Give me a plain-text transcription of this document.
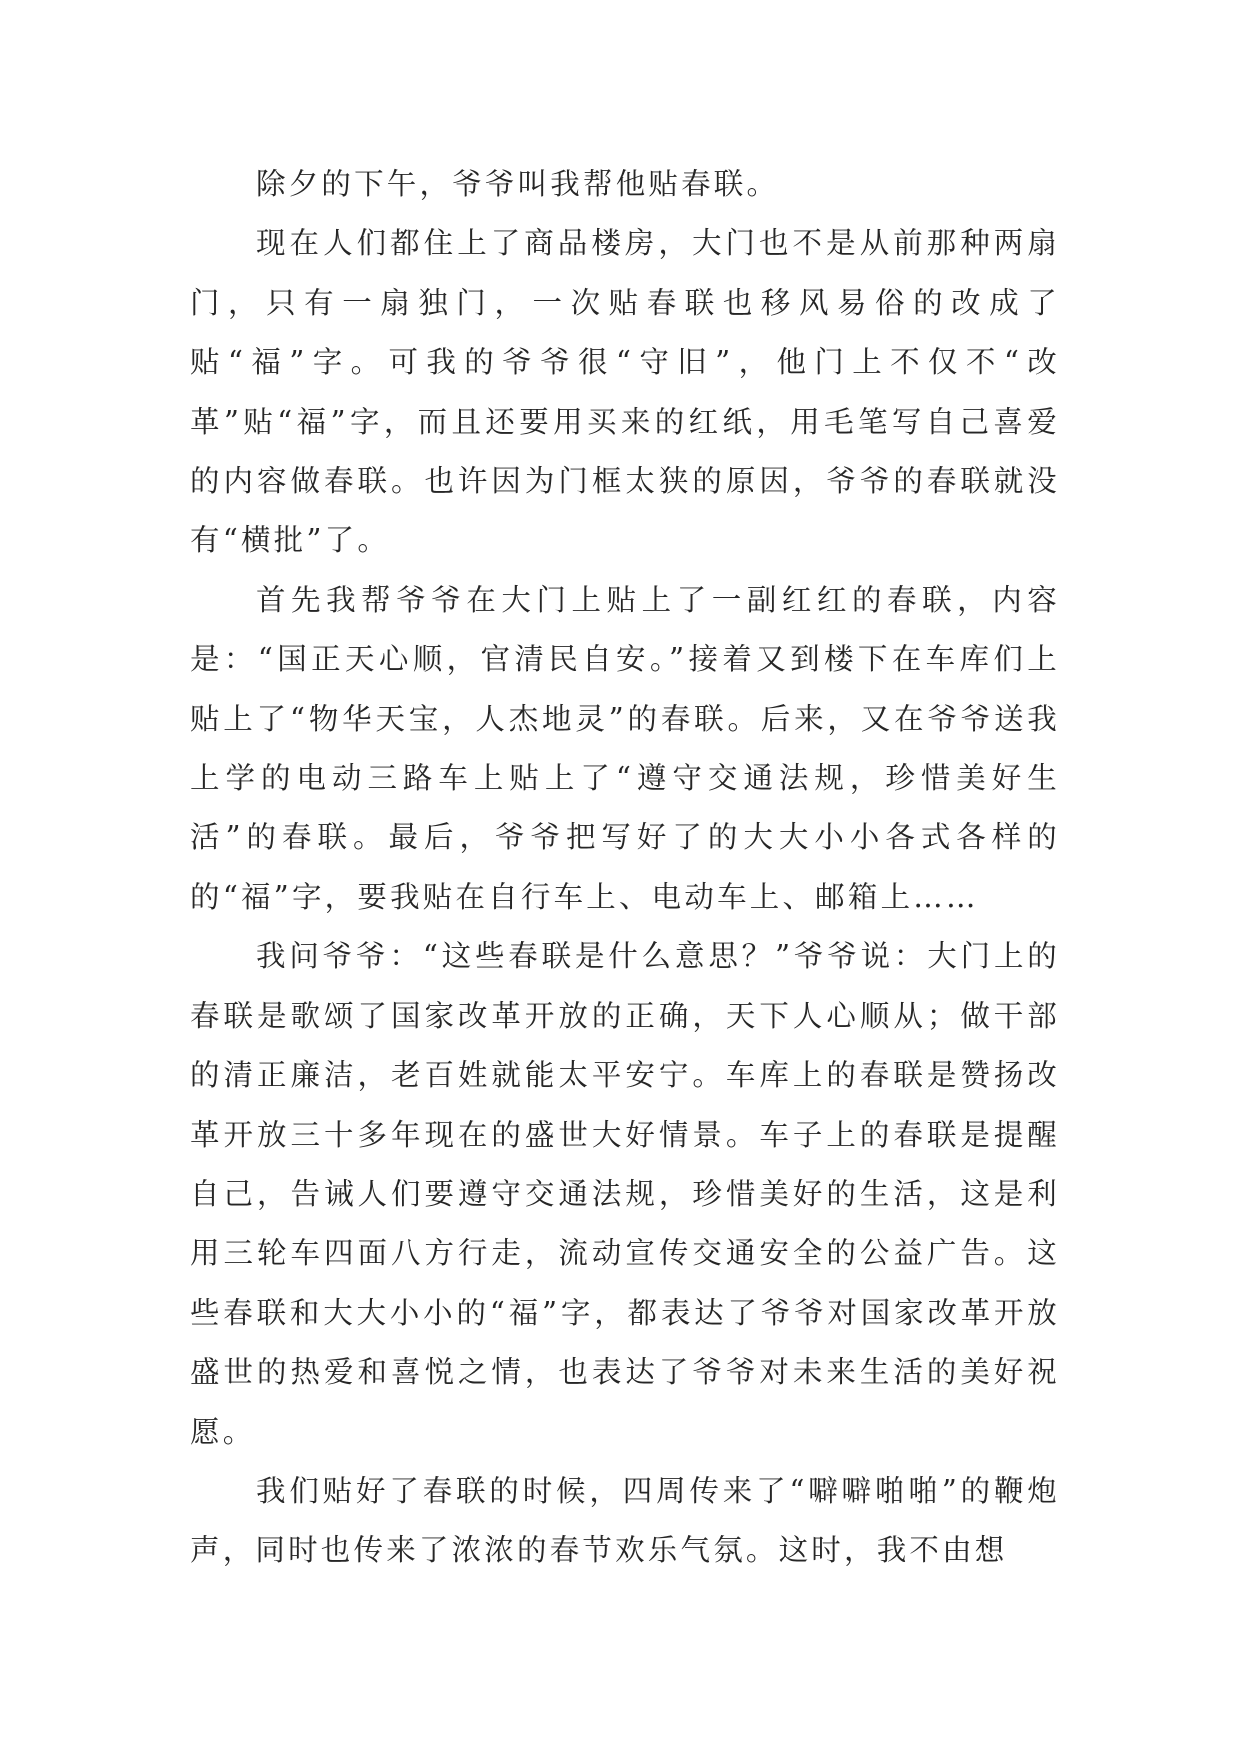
除夕的下午，爷爷叫我帮他贴春联。

现在人们都住上了商品楼房，大门也不是从前那种两扇门，只有一扇独门，一次贴春联也移风易俗的改成了贴“福”字。可我的爷爷很“守旧”，他门上不仅不“改革”贴“福”字，而且还要用买来的红纸，用毛笔写自己喜爱的内容做春联。也许因为门框太狭的原因，爷爷的春联就没有“横批”了。

首先我帮爷爷在大门上贴上了一副红红的春联，内容是：“国正天心顺，官清民自安。”接着又到楼下在车库们上贴上了“物华天宝，人杰地灵”的春联。后来，又在爷爷送我上学的电动三路车上贴上了“遵守交通法规，珍惜美好生活”的春联。最后，爷爷把写好了的大大小小各式各样的的“福”字，要我贴在自行车上、电动车上、邮箱上……

我问爷爷：“这些春联是什么意思？”爷爷说：大门上的春联是歌颂了国家改革开放的正确，天下人心顺从；做干部的清正廉洁，老百姓就能太平安宁。车库上的春联是赞扬改革开放三十多年现在的盛世大好情景。车子上的春联是提醒自己，告诫人们要遵守交通法规，珍惜美好的生活，这是利用三轮车四面八方行走，流动宣传交通安全的公益广告。这些春联和大大小小的“福”字，都表达了爷爷对国家改革开放盛世的热爱和喜悦之情，也表达了爷爷对未来生活的美好祝愿。

我们贴好了春联的时候，四周传来了“噼噼啪啪”的鞭炮声，同时也传来了浓浓的春节欢乐气氛。这时，我不由想
